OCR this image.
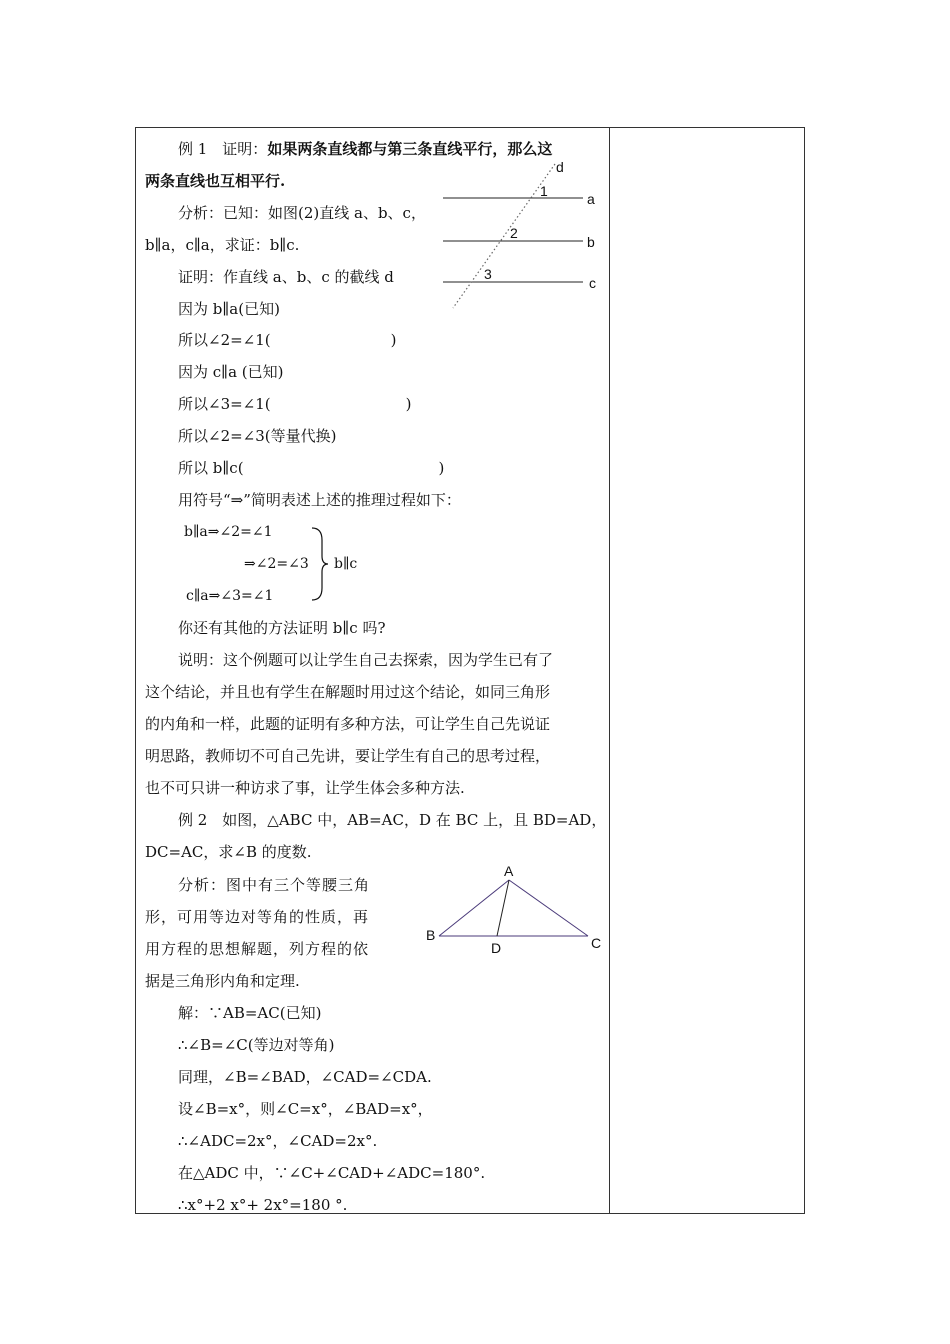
例 1　证明：如果两条直线都与第三条直线平行，那么这
两条直线也互相平行.
分析：已知：如图(2)直线 a、b、c，
b∥a，c∥a，求证：b∥c.
证明：作直线 a、b、c 的截线 d
因为 b∥a(已知)
所以∠2=∠1(　　　　　　　　)
因为 c∥a (已知)
所以∠3=∠1(　　　　　　　　　)
所以∠2=∠3(等量代换)
所以 b∥c(　　　　　　　　　　　　　)
用符号“⇒”简明表述上述的推理过程如下：
b∥a⇒∠2=∠1
⇒∠2=∠3
c∥a⇒∠3=∠1
b∥c
你还有其他的方法证明 b∥c 吗?
说明：这个例题可以让学生自己去探索，因为学生已有了
这个结论，并且也有学生在解题时用过这个结论，如同三角形
的内角和一样，此题的证明有多种方法，可让学生自己先说证
明思路，教师切不可自己先讲，要让学生有自己的思考过程，
也不可只讲一种访求了事，让学生体会多种方法.
d
1	a
2
b
3
c
例 2　如图，△ABC 中，AB=AC，D 在 BC 上，且 BD=AD，
DC=AC，求∠B 的度数.
分析：图中有三个等腰三角
形，可用等边对等角的性质，再
用方程的思想解题，列方程的依
据是三角形内角和定理.
解：∵AB=AC(已知)
∴∠B=∠C(等边对等角)
同理，∠B=∠BAD，∠CAD=∠CDA.
设∠B=x°，则∠C=x°，∠BAD=x°，
∴∠ADC=2x°，∠CAD=2x°.
在△ADC 中，∵∠C+∠CAD+∠ADC=180°.
∴x°+2 x°+ 2x°=180 °.
A
B	C
D
